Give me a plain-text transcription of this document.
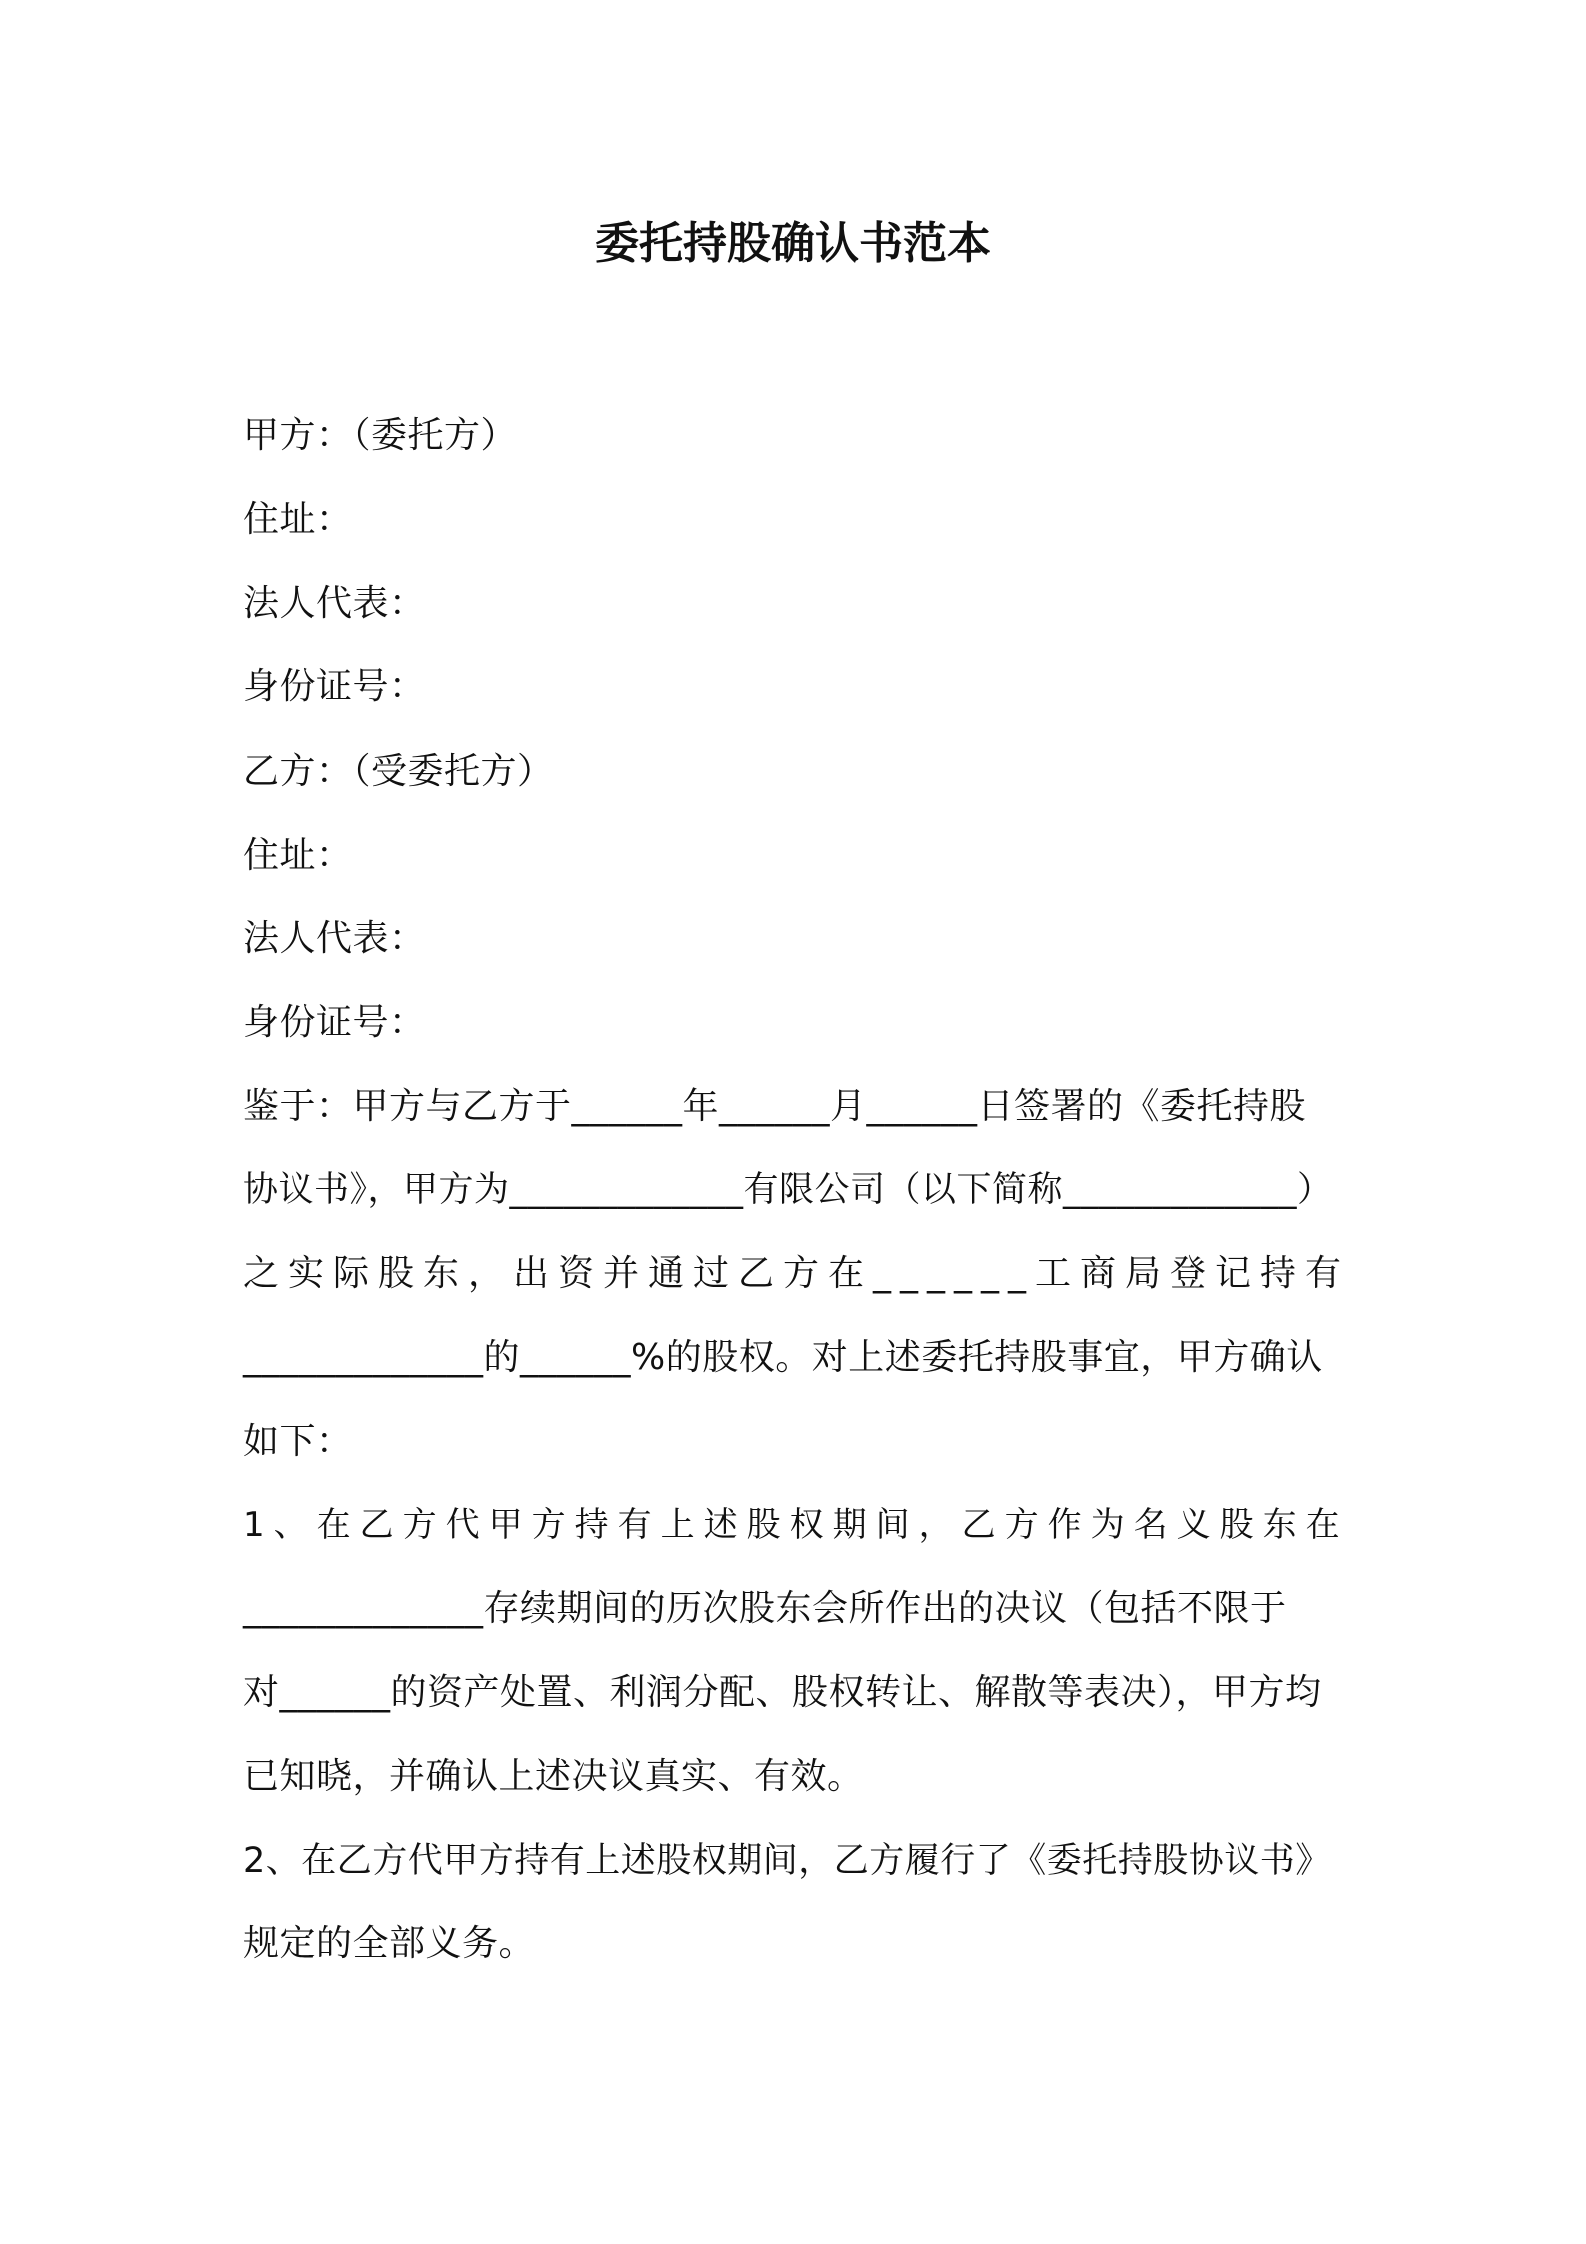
委托持股确认书范本
甲方：（委托方）
住址：
法人代表：
身份证号：
乙方：（受委托方）
住址：
法人代表：
身份证号：
鉴于：甲方与乙方于______年______月______日签署的《委托持股
协议书》，甲方为_____________有限公司（以下简称_____________）
之实际股东，出资并通过乙方在______工商局登记持有
_____________的______%的股权。对上述委托持股事宜，甲方确认
如下：
1、在乙方代甲方持有上述股权期间，乙方作为名义股东在
_____________存续期间的历次股东会所作出的决议（包括不限于
对______的资产处置、利润分配、股权转让、解散等表决），甲方均
已知晓，并确认上述决议真实、有效。
2、在乙方代甲方持有上述股权期间，乙方履行了《委托持股协议书》
规定的全部义务。
